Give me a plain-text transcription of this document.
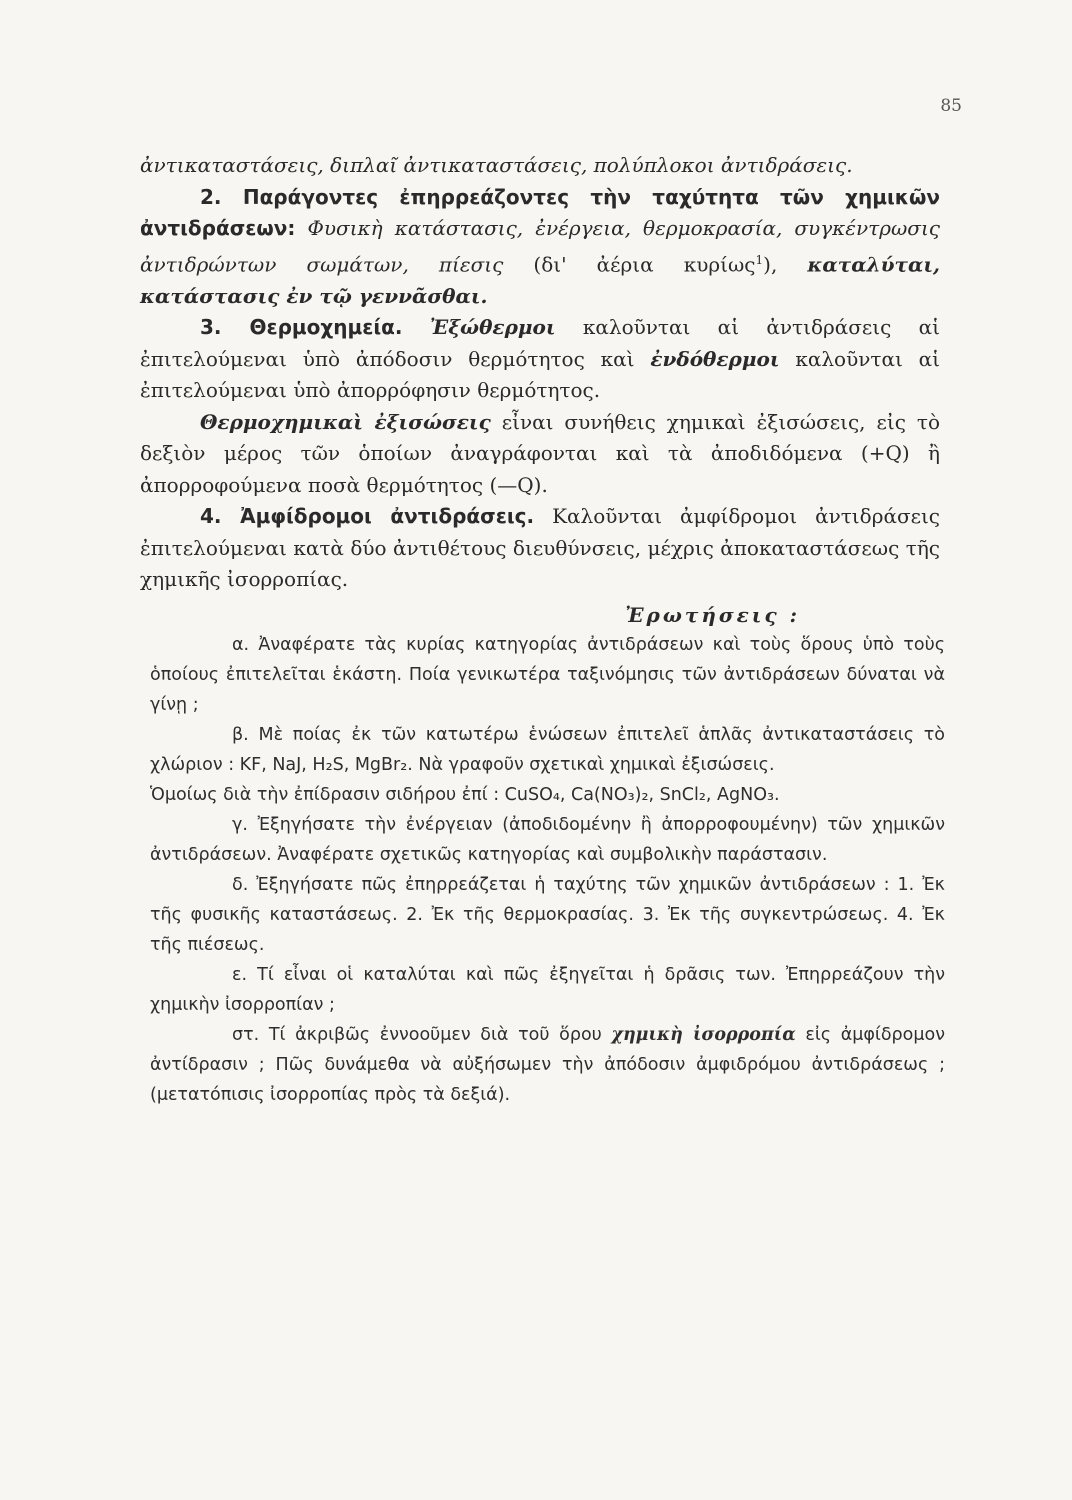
85

ἀντικαταστάσεις, διπλαῖ ἀντικαταστάσεις, πολύπλοκοι ἀντιδράσεις.

2. Παράγοντες ἐπηρρεάζοντες τὴν ταχύτητα τῶν χημικῶν ἀντιδράσεων: Φυσικὴ κατάστασις, ἐνέργεια, θερμοκρασία, συγκέντρωσις ἀντιδρώντων σωμάτων, πίεσις (δι' ἀέρια κυρίως$^1$), καταλύται, κατάστασις ἐν τῷ γεννᾶσθαι.

3. Θερμοχημεία. Ἐξώθερμοι καλοῦνται αἱ ἀντιδράσεις αἱ ἐπιτελούμεναι ὑπὸ ἀπόδοσιν θερμότητος καὶ ἐνδόθερμοι καλοῦνται αἱ ἐπιτελούμεναι ὑπὸ ἀπορρόφησιν θερμότητος.

Θερμοχημικαὶ ἐξισώσεις εἶναι συνήθεις χημικαὶ ἐξισώσεις, εἰς τὸ δεξιὸν μέρος τῶν ὁποίων ἀναγράφονται καὶ τὰ ἀποδιδόμενα (+Q) ἢ ἀπορροφούμενα ποσὰ θερμότητος (—Q).

4. Ἀμφίδρομοι ἀντιδράσεις. Καλοῦνται ἀμφίδρομοι ἀντιδράσεις ἐπιτελούμεναι κατὰ δύο ἀντιθέτους διευθύνσεις, μέχρις ἀποκαταστάσεως τῆς χημικῆς ἰσορροπίας.

Ἐρωτήσεις :

α. Ἀναφέρατε τὰς κυρίας κατηγορίας ἀντιδράσεων καὶ τοὺς ὅρους ὑπὸ τοὺς ὁποίους ἐπιτελεῖται ἑκάστη. Ποία γενικωτέρα ταξινόμησις τῶν ἀντιδράσεων δύναται νὰ γίνῃ ;

β. Μὲ ποίας ἐκ τῶν κατωτέρω ἑνώσεων ἐπιτελεῖ ἁπλᾶς ἀντικαταστάσεις τὸ χλώριον : KF, NaJ, H₂S, MgBr₂. Νὰ γραφοῦν σχετικαὶ χημικαὶ ἐξισώσεις.

Ὁμοίως διὰ τὴν ἐπίδρασιν σιδήρου ἐπί : CuSO₄, Ca(NO₃)₂, SnCl₂, AgNO₃.

γ. Ἐξηγήσατε τὴν ἐνέργειαν (ἀποδιδομένην ἢ ἀπορροφουμένην) τῶν χημικῶν ἀντιδράσεων. Ἀναφέρατε σχετικῶς κατηγορίας καὶ συμβολικὴν παράστασιν.

δ. Ἐξηγήσατε πῶς ἐπηρρεάζεται ἡ ταχύτης τῶν χημικῶν ἀντιδράσεων : 1. Ἐκ τῆς φυσικῆς καταστάσεως. 2. Ἐκ τῆς θερμοκρασίας. 3. Ἐκ τῆς συγκεντρώσεως. 4. Ἐκ τῆς πιέσεως.

ε. Τί εἶναι οἱ καταλύται καὶ πῶς ἐξηγεῖται ἡ δρᾶσις των. Ἐπηρρεάζουν τὴν χημικὴν ἰσορροπίαν ;

στ. Τί ἀκριβῶς ἐννοοῦμεν διὰ τοῦ ὅρου χημικὴ ἰσορροπία εἰς ἀμφίδρομον ἀντίδρασιν ; Πῶς δυνάμεθα νὰ αὐξήσωμεν τὴν ἀπόδοσιν ἀμφιδρόμου ἀντιδράσεως ; (μετατόπισις ἰσορροπίας πρὸς τὰ δεξιά).
